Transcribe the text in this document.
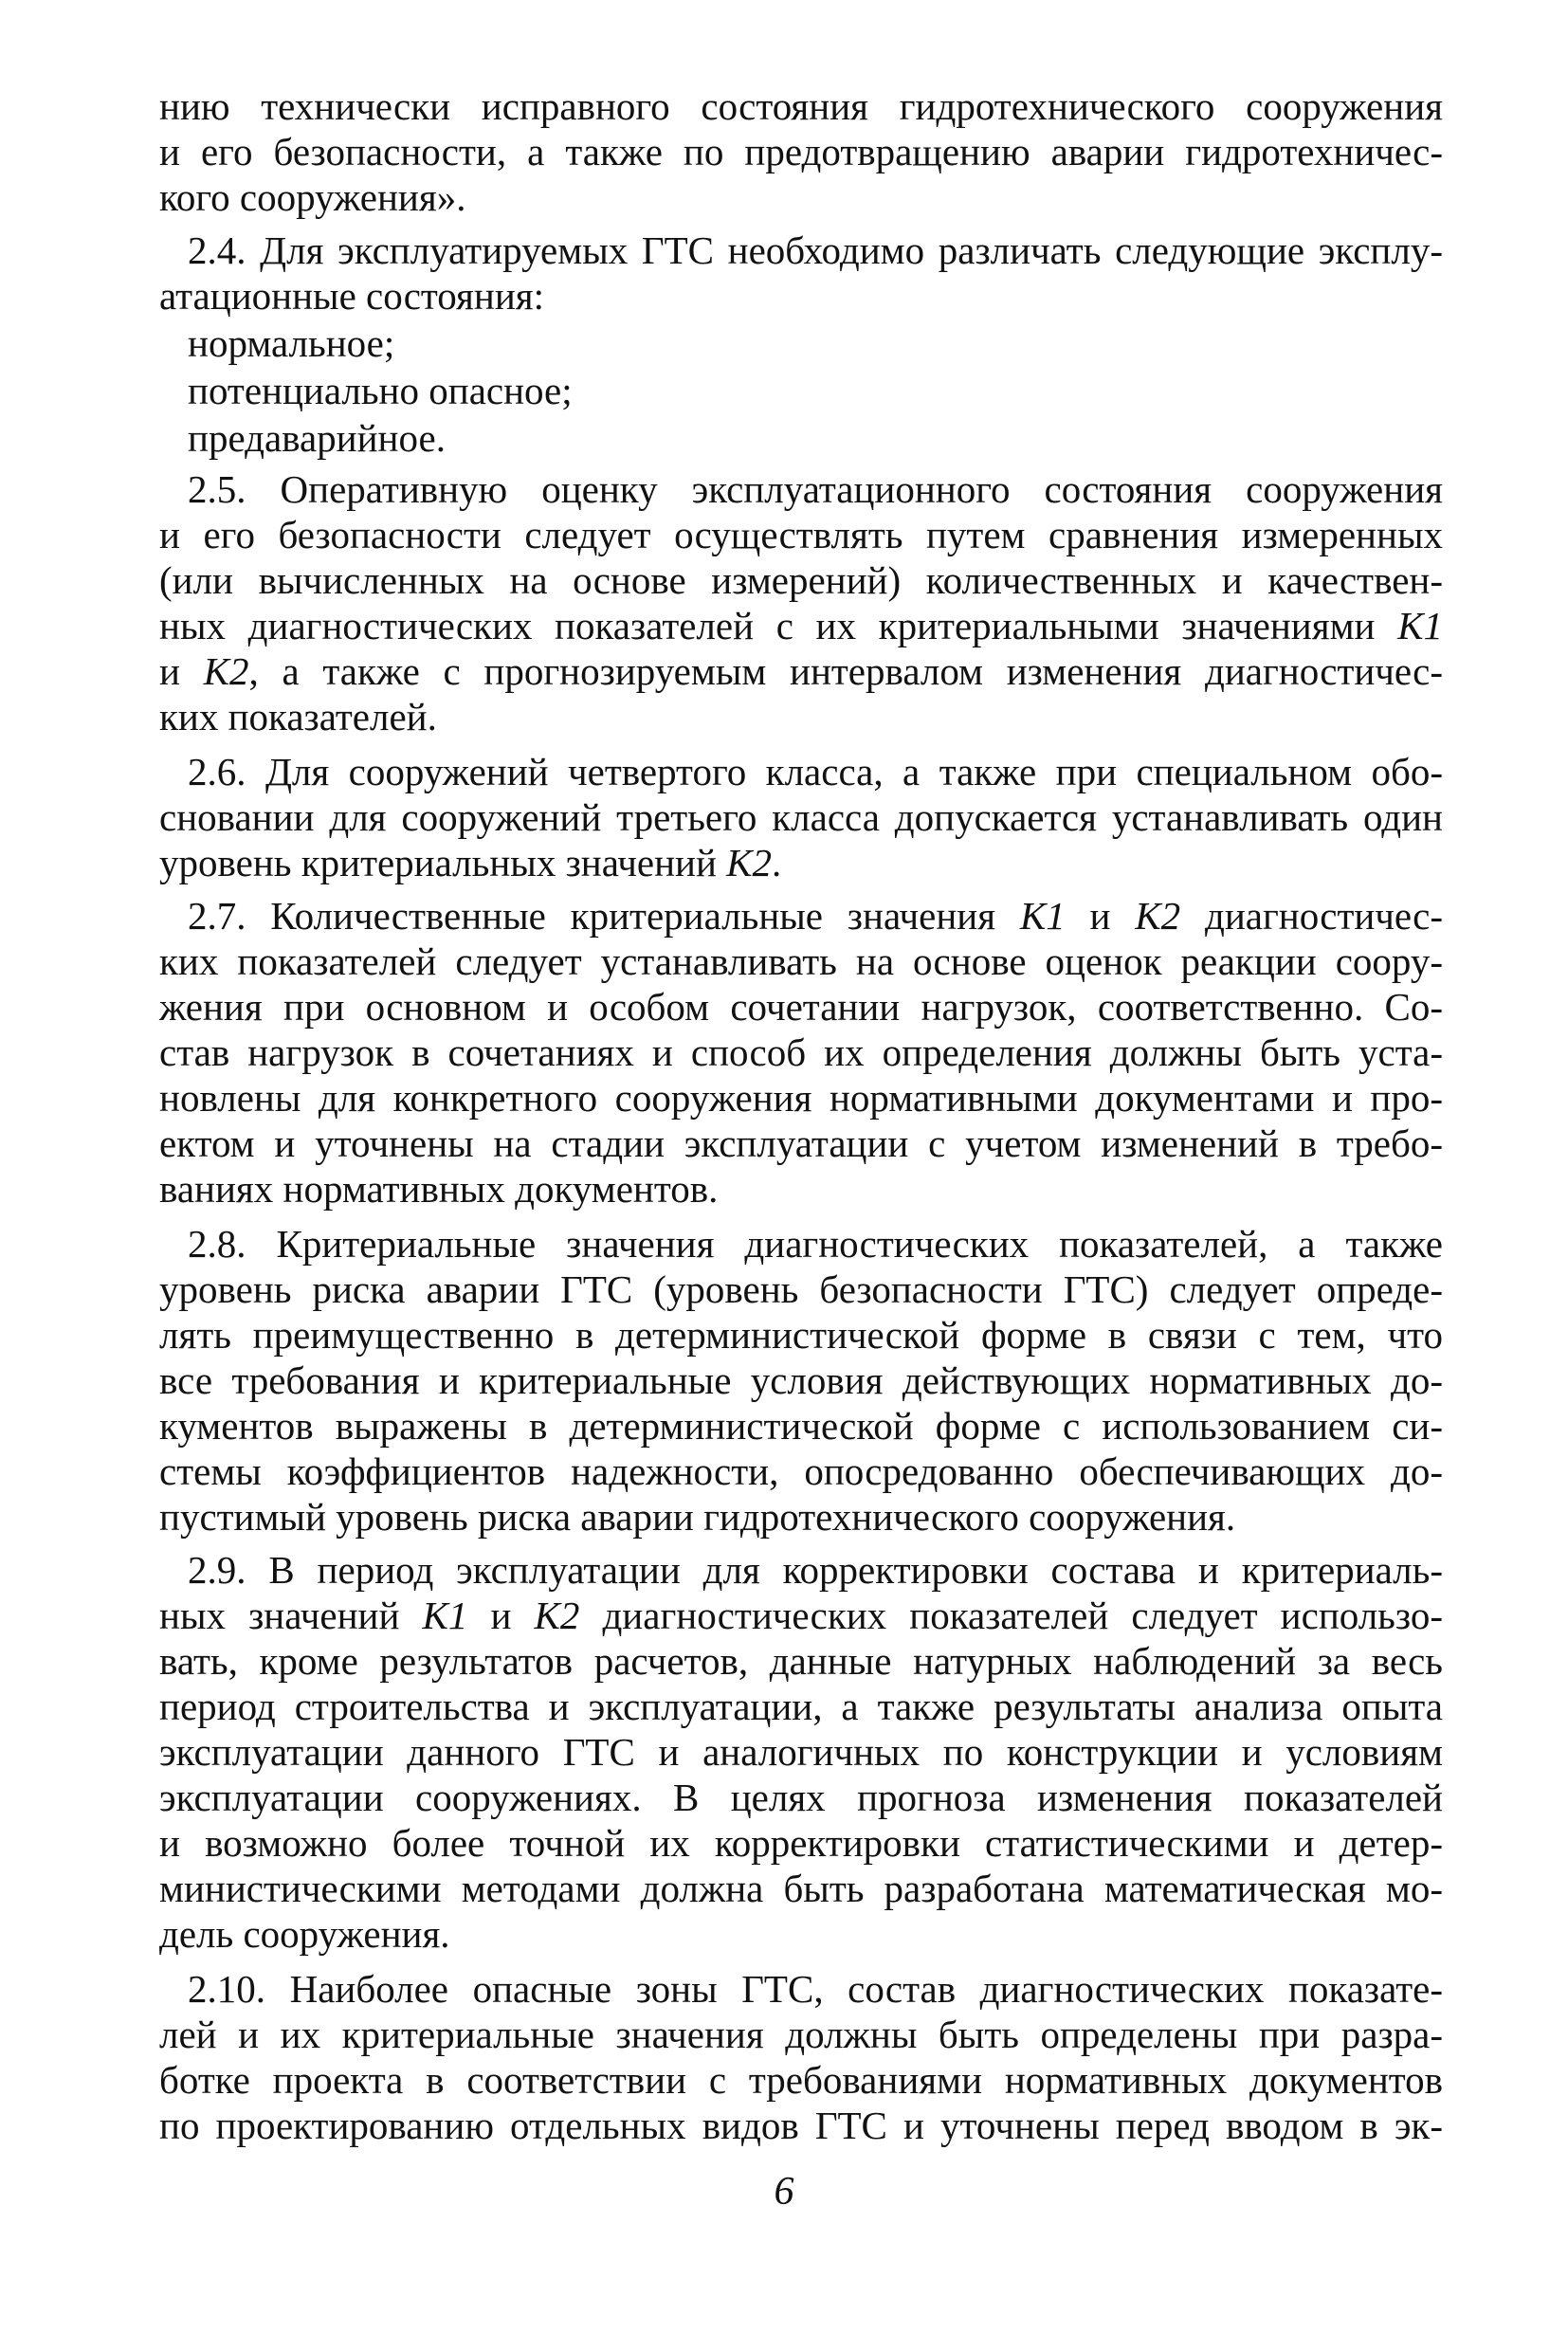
нию технически исправного состояния гидротехнического сооружения
и его безопасности, а также по предотвращению аварии гидротехничес-
кого сооружения».
2.4. Для эксплуатируемых ГТС необходимо различать следующие эксплу-
атационные состояния:
нормальное;
потенциально опасное;
предаварийное.
2.5. Оперативную оценку эксплуатационного состояния сооружения
и его безопасности следует осуществлять путем сравнения измеренных
(или вычисленных на основе измерений) количественных и качествен-
ных диагностических показателей с их критериальными значениями K1
и K2, а также с прогнозируемым интервалом изменения диагностичес-
ких показателей.
2.6. Для сооружений четвертого класса, а также при специальном обо-
сновании для сооружений третьего класса допускается устанавливать один
уровень критериальных значений K2.
2.7. Количественные критериальные значения K1 и K2 диагностичес-
ких показателей следует устанавливать на основе оценок реакции соору-
жения при основном и особом сочетании нагрузок, соответственно. Со-
став нагрузок в сочетаниях и способ их определения должны быть уста-
новлены для конкретного сооружения нормативными документами и про-
ектом и уточнены на стадии эксплуатации с учетом изменений в требо-
ваниях нормативных документов.
2.8. Критериальные значения диагностических показателей, а также
уровень риска аварии ГТС (уровень безопасности ГТС) следует опреде-
лять преимущественно в детерминистической форме в связи с тем, что
все требования и критериальные условия действующих нормативных до-
кументов выражены в детерминистической форме с использованием си-
стемы коэффициентов надежности, опосредованно обеспечивающих до-
пустимый уровень риска аварии гидротехнического сооружения.
2.9. В период эксплуатации для корректировки состава и критериаль-
ных значений K1 и K2 диагностических показателей следует использо-
вать, кроме результатов расчетов, данные натурных наблюдений за весь
период строительства и эксплуатации, а также результаты анализа опыта
эксплуатации данного ГТС и аналогичных по конструкции и условиям
эксплуатации сооружениях. В целях прогноза изменения показателей
и возможно более точной их корректировки статистическими и детер-
министическими методами должна быть разработана математическая мо-
дель сооружения.
2.10. Наиболее опасные зоны ГТС, состав диагностических показате-
лей и их критериальные значения должны быть определены при разра-
ботке проекта в соответствии с требованиями нормативных документов
по проектированию отдельных видов ГТС и уточнены перед вводом в эк-
6
